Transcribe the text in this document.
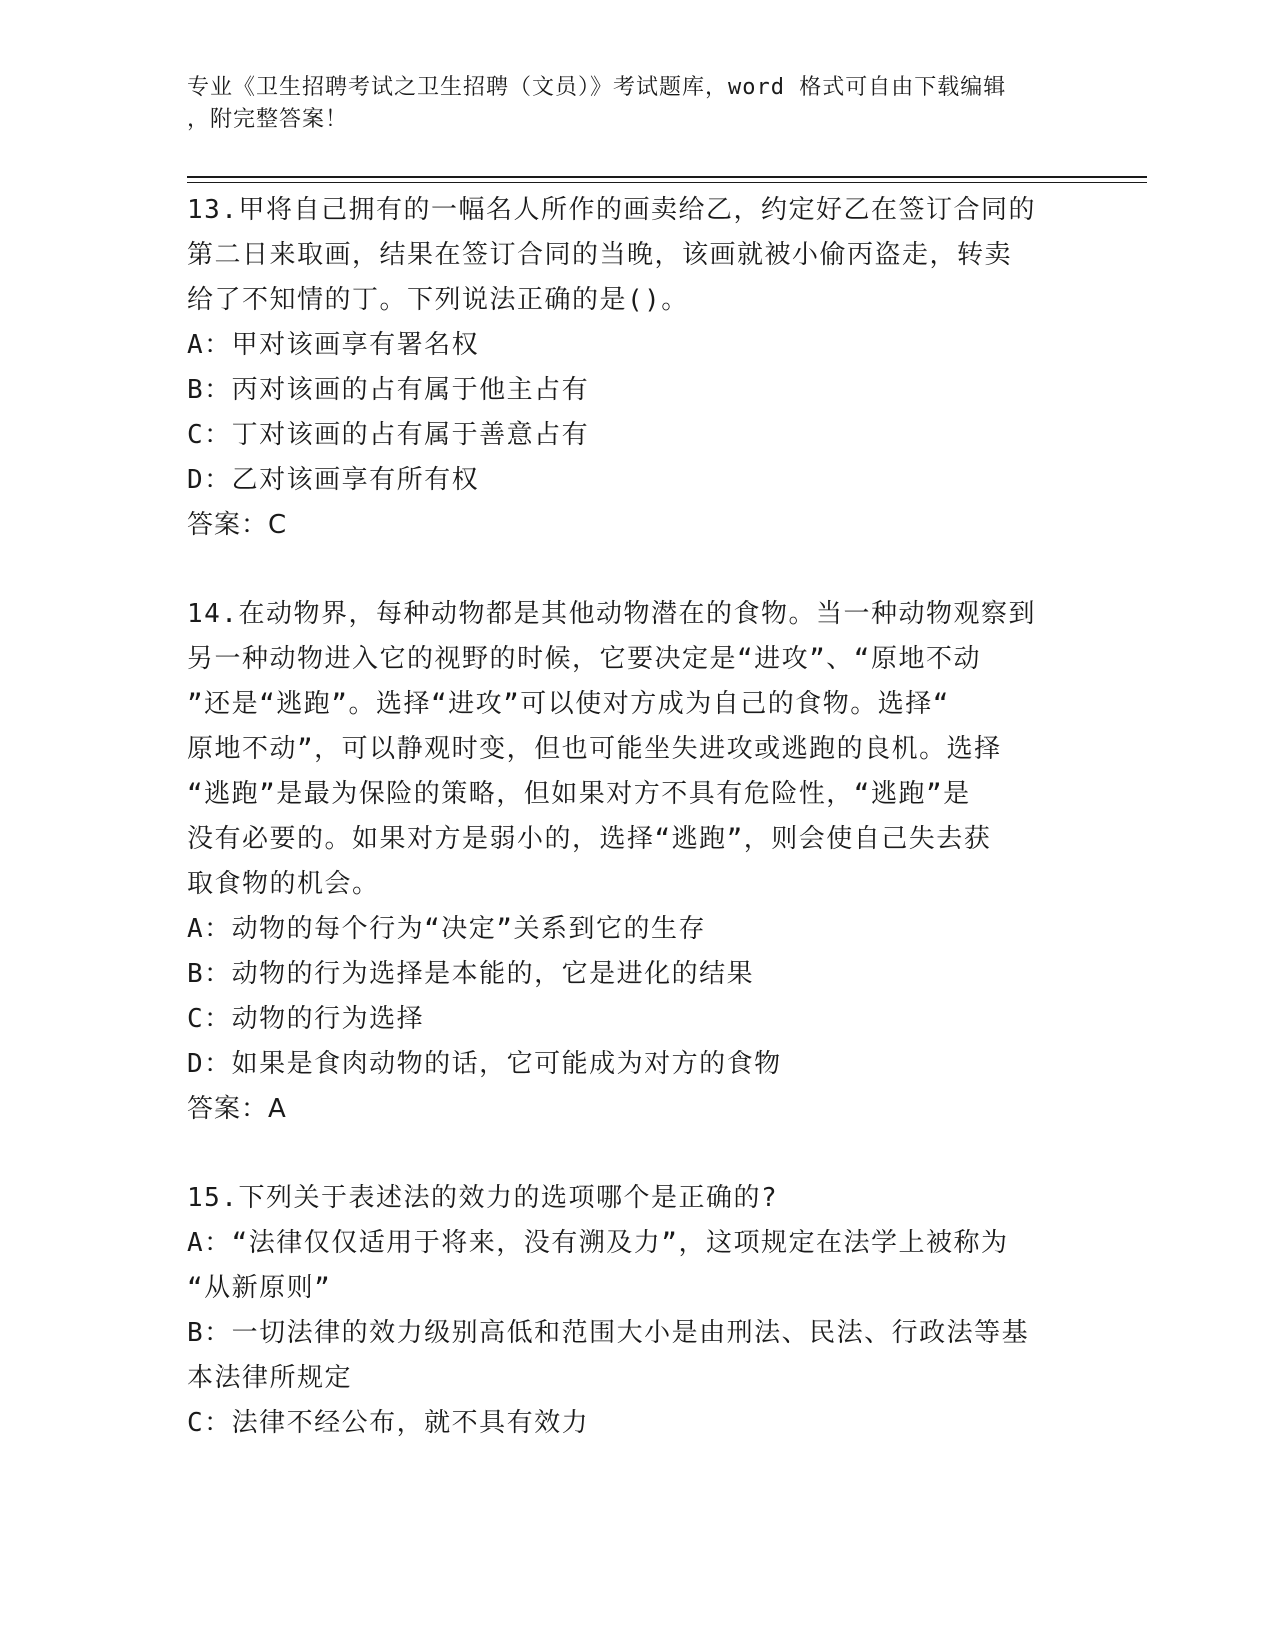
专业《卫生招聘考试之卫生招聘（文员）》考试题库，word 格式可自由下载编辑
，附完整答案！
13.甲将自己拥有的一幅名人所作的画卖给乙，约定好乙在签订合同的
第二日来取画，结果在签订合同的当晚，该画就被小偷丙盗走，转卖
给了不知情的丁。下列说法正确的是()。
A：甲对该画享有署名权
B：丙对该画的占有属于他主占有
C：丁对该画的占有属于善意占有
D：乙对该画享有所有权
答案：C
14.在动物界，每种动物都是其他动物潜在的食物。当一种动物观察到
另一种动物进入它的视野的时候，它要决定是“进攻”、“原地不动
”还是“逃跑”。选择“进攻”可以使对方成为自己的食物。选择“
原地不动”，可以静观时变，但也可能坐失进攻或逃跑的良机。选择
“逃跑”是最为保险的策略，但如果对方不具有危险性，“逃跑”是
没有必要的。如果对方是弱小的，选择“逃跑”，则会使自己失去获
取食物的机会。
A：动物的每个行为“决定”关系到它的生存
B：动物的行为选择是本能的，它是进化的结果
C：动物的行为选择
D：如果是食肉动物的话，它可能成为对方的食物
答案：A
15.下列关于表述法的效力的选项哪个是正确的?
A：“法律仅仅适用于将来，没有溯及力”，这项规定在法学上被称为
“从新原则”
B：一切法律的效力级别高低和范围大小是由刑法、民法、行政法等基
本法律所规定
C：法律不经公布，就不具有效力
